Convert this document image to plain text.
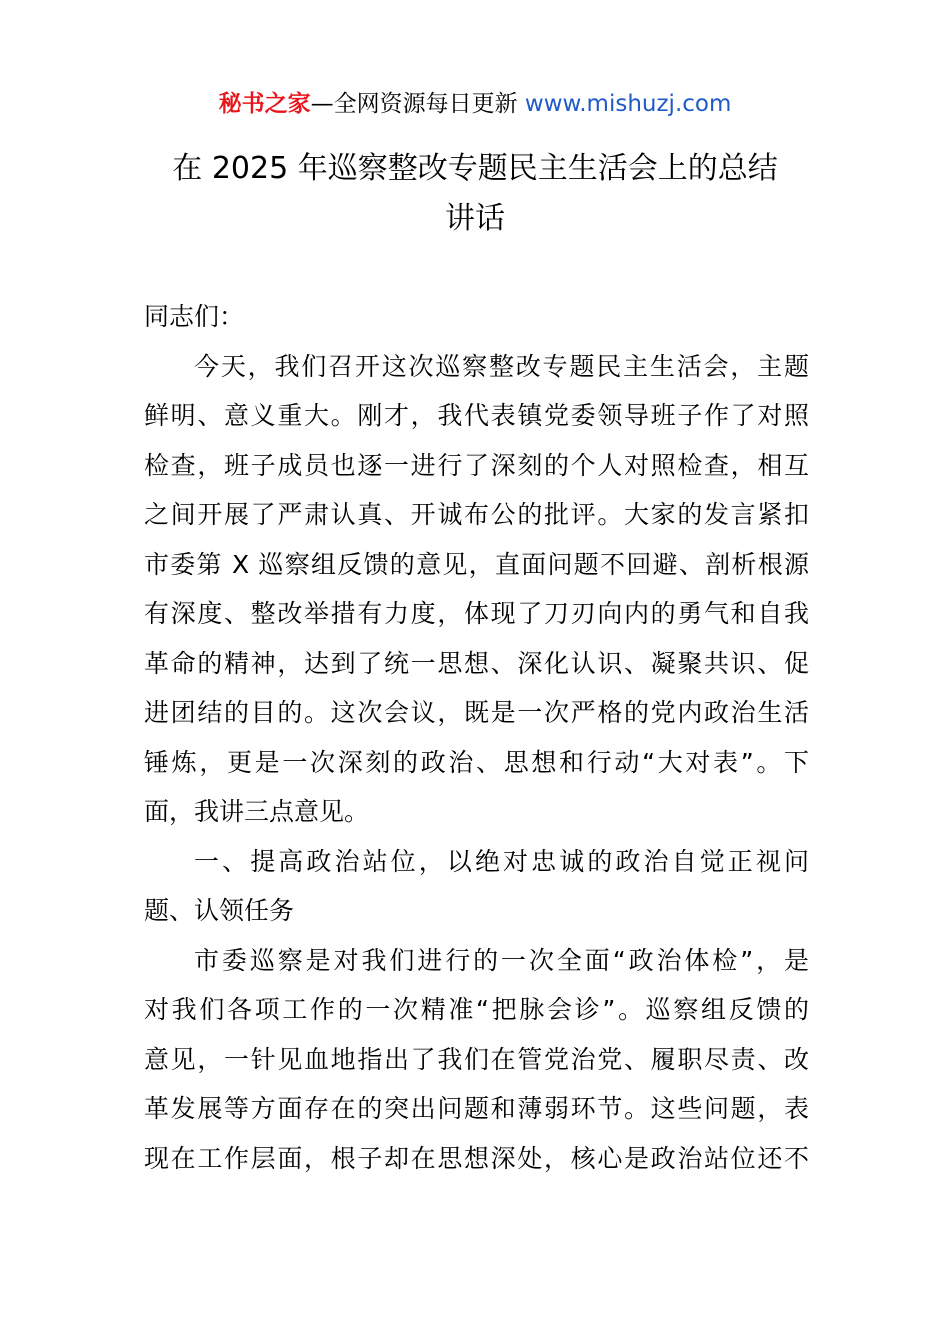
秘书之家—全网资源每日更新 www.mishuzj.com
在 2025 年巡察整改专题民主生活会上的总结
讲话
同志们：
今天，我们召开这次巡察整改专题民主生活会，主题
鲜明、意义重大。刚才，我代表镇党委领导班子作了对照
检查，班子成员也逐一进行了深刻的个人对照检查，相互
之间开展了严肃认真、开诚布公的批评。大家的发言紧扣
市委第 X 巡察组反馈的意见，直面问题不回避、剖析根源
有深度、整改举措有力度，体现了刀刃向内的勇气和自我
革命的精神，达到了统一思想、深化认识、凝聚共识、促
进团结的目的。这次会议，既是一次严格的党内政治生活
锤炼，更是一次深刻的政治、思想和行动“大对表”。下
面，我讲三点意见。
一、提高政治站位，以绝对忠诚的政治自觉正视问
题、认领任务
市委巡察是对我们进行的一次全面“政治体检”，是
对我们各项工作的一次精准“把脉会诊”。巡察组反馈的
意见，一针见血地指出了我们在管党治党、履职尽责、改
革发展等方面存在的突出问题和薄弱环节。这些问题，表
现在工作层面，根子却在思想深处，核心是政治站位还不
